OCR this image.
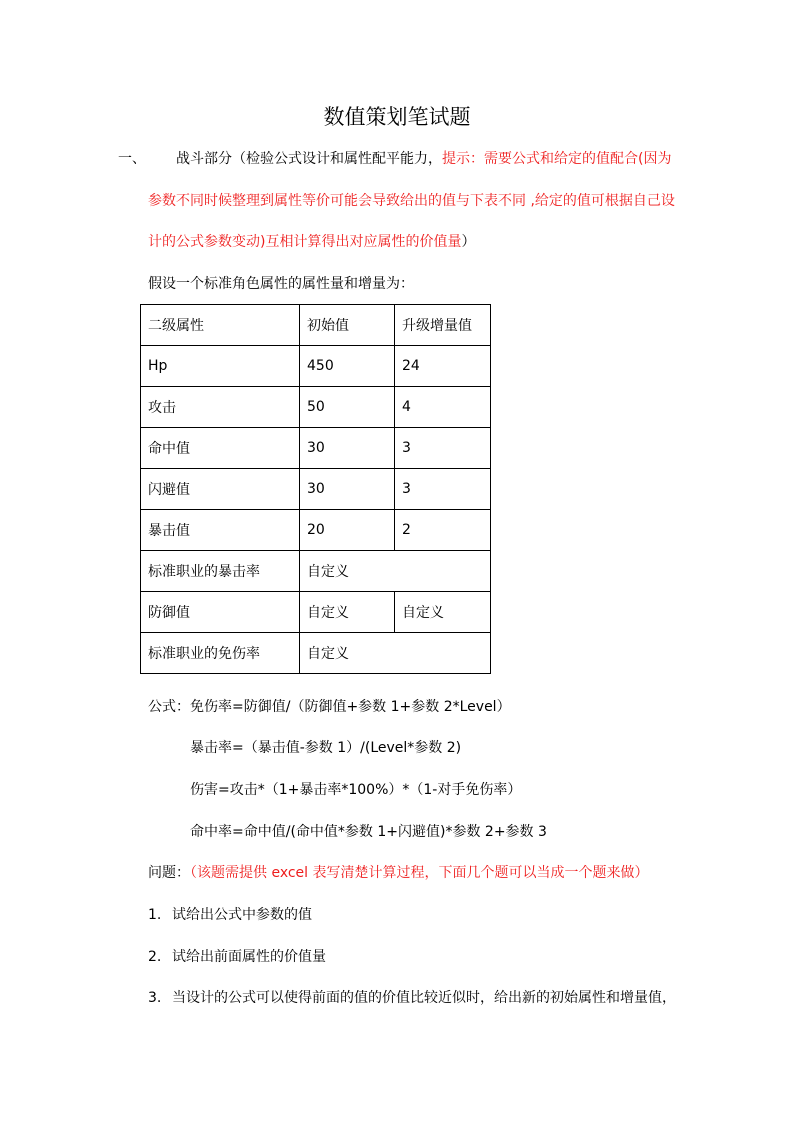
数值策划笔试题
一、 战斗部分（检验公式设计和属性配平能力，提示：需要公式和给定的值配合(因为
参数不同时候整理到属性等价可能会导致给出的值与下表不同 ,给定的值可根据自己设
计的公式参数变动)互相计算得出对应属性的价值量）
假设一个标准角色属性的属性量和增量为：
二级属性	初始值	升级增量值
Hp	450	24
攻击	50	4
命中值	30	3
闪避值	30	3
暴击值	20	2
标准职业的暴击率	自定义	
防御值	自定义	自定义
标准职业的免伤率	自定义	
公式：免伤率=防御值/（防御值+参数 1+参数 2*Level）
暴击率=（暴击值-参数 1）/(Level*参数 2)
伤害=攻击*（1+暴击率*100%）*（1-对手免伤率）
命中率=命中值/(命中值*参数 1+闪避值)*参数 2+参数 3
问题：（该题需提供 excel 表写清楚计算过程，下面几个题可以当成一个题来做）
1. 试给出公式中参数的值
2. 试给出前面属性的价值量
3. 当设计的公式可以使得前面的值的价值比较近似时，给出新的初始属性和增量值，
